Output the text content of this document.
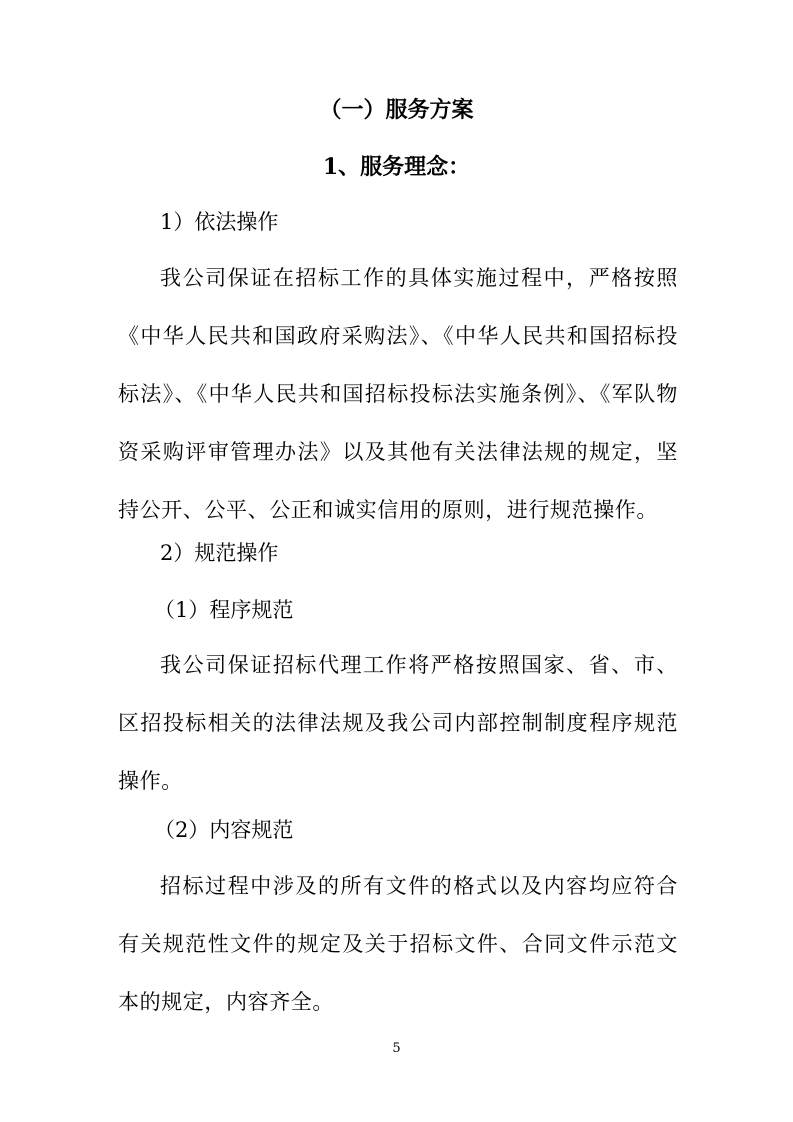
（一）服务方案
1、服务理念：
1）依法操作
我公司保证在招标工作的具体实施过程中，严格按照《中华人民共和国政府采购法》、《中华人民共和国招标投标法》、《中华人民共和国招标投标法实施条例》、《军队物资采购评审管理办法》以及其他有关法律法规的规定，坚持公开、公平、公正和诚实信用的原则，进行规范操作。
2）规范操作
（1）程序规范
我公司保证招标代理工作将严格按照国家、省、市、区招投标相关的法律法规及我公司内部控制制度程序规范操作。
（2）内容规范
招标过程中涉及的所有文件的格式以及内容均应符合有关规范性文件的规定及关于招标文件、合同文件示范文本的规定，内容齐全。
5
